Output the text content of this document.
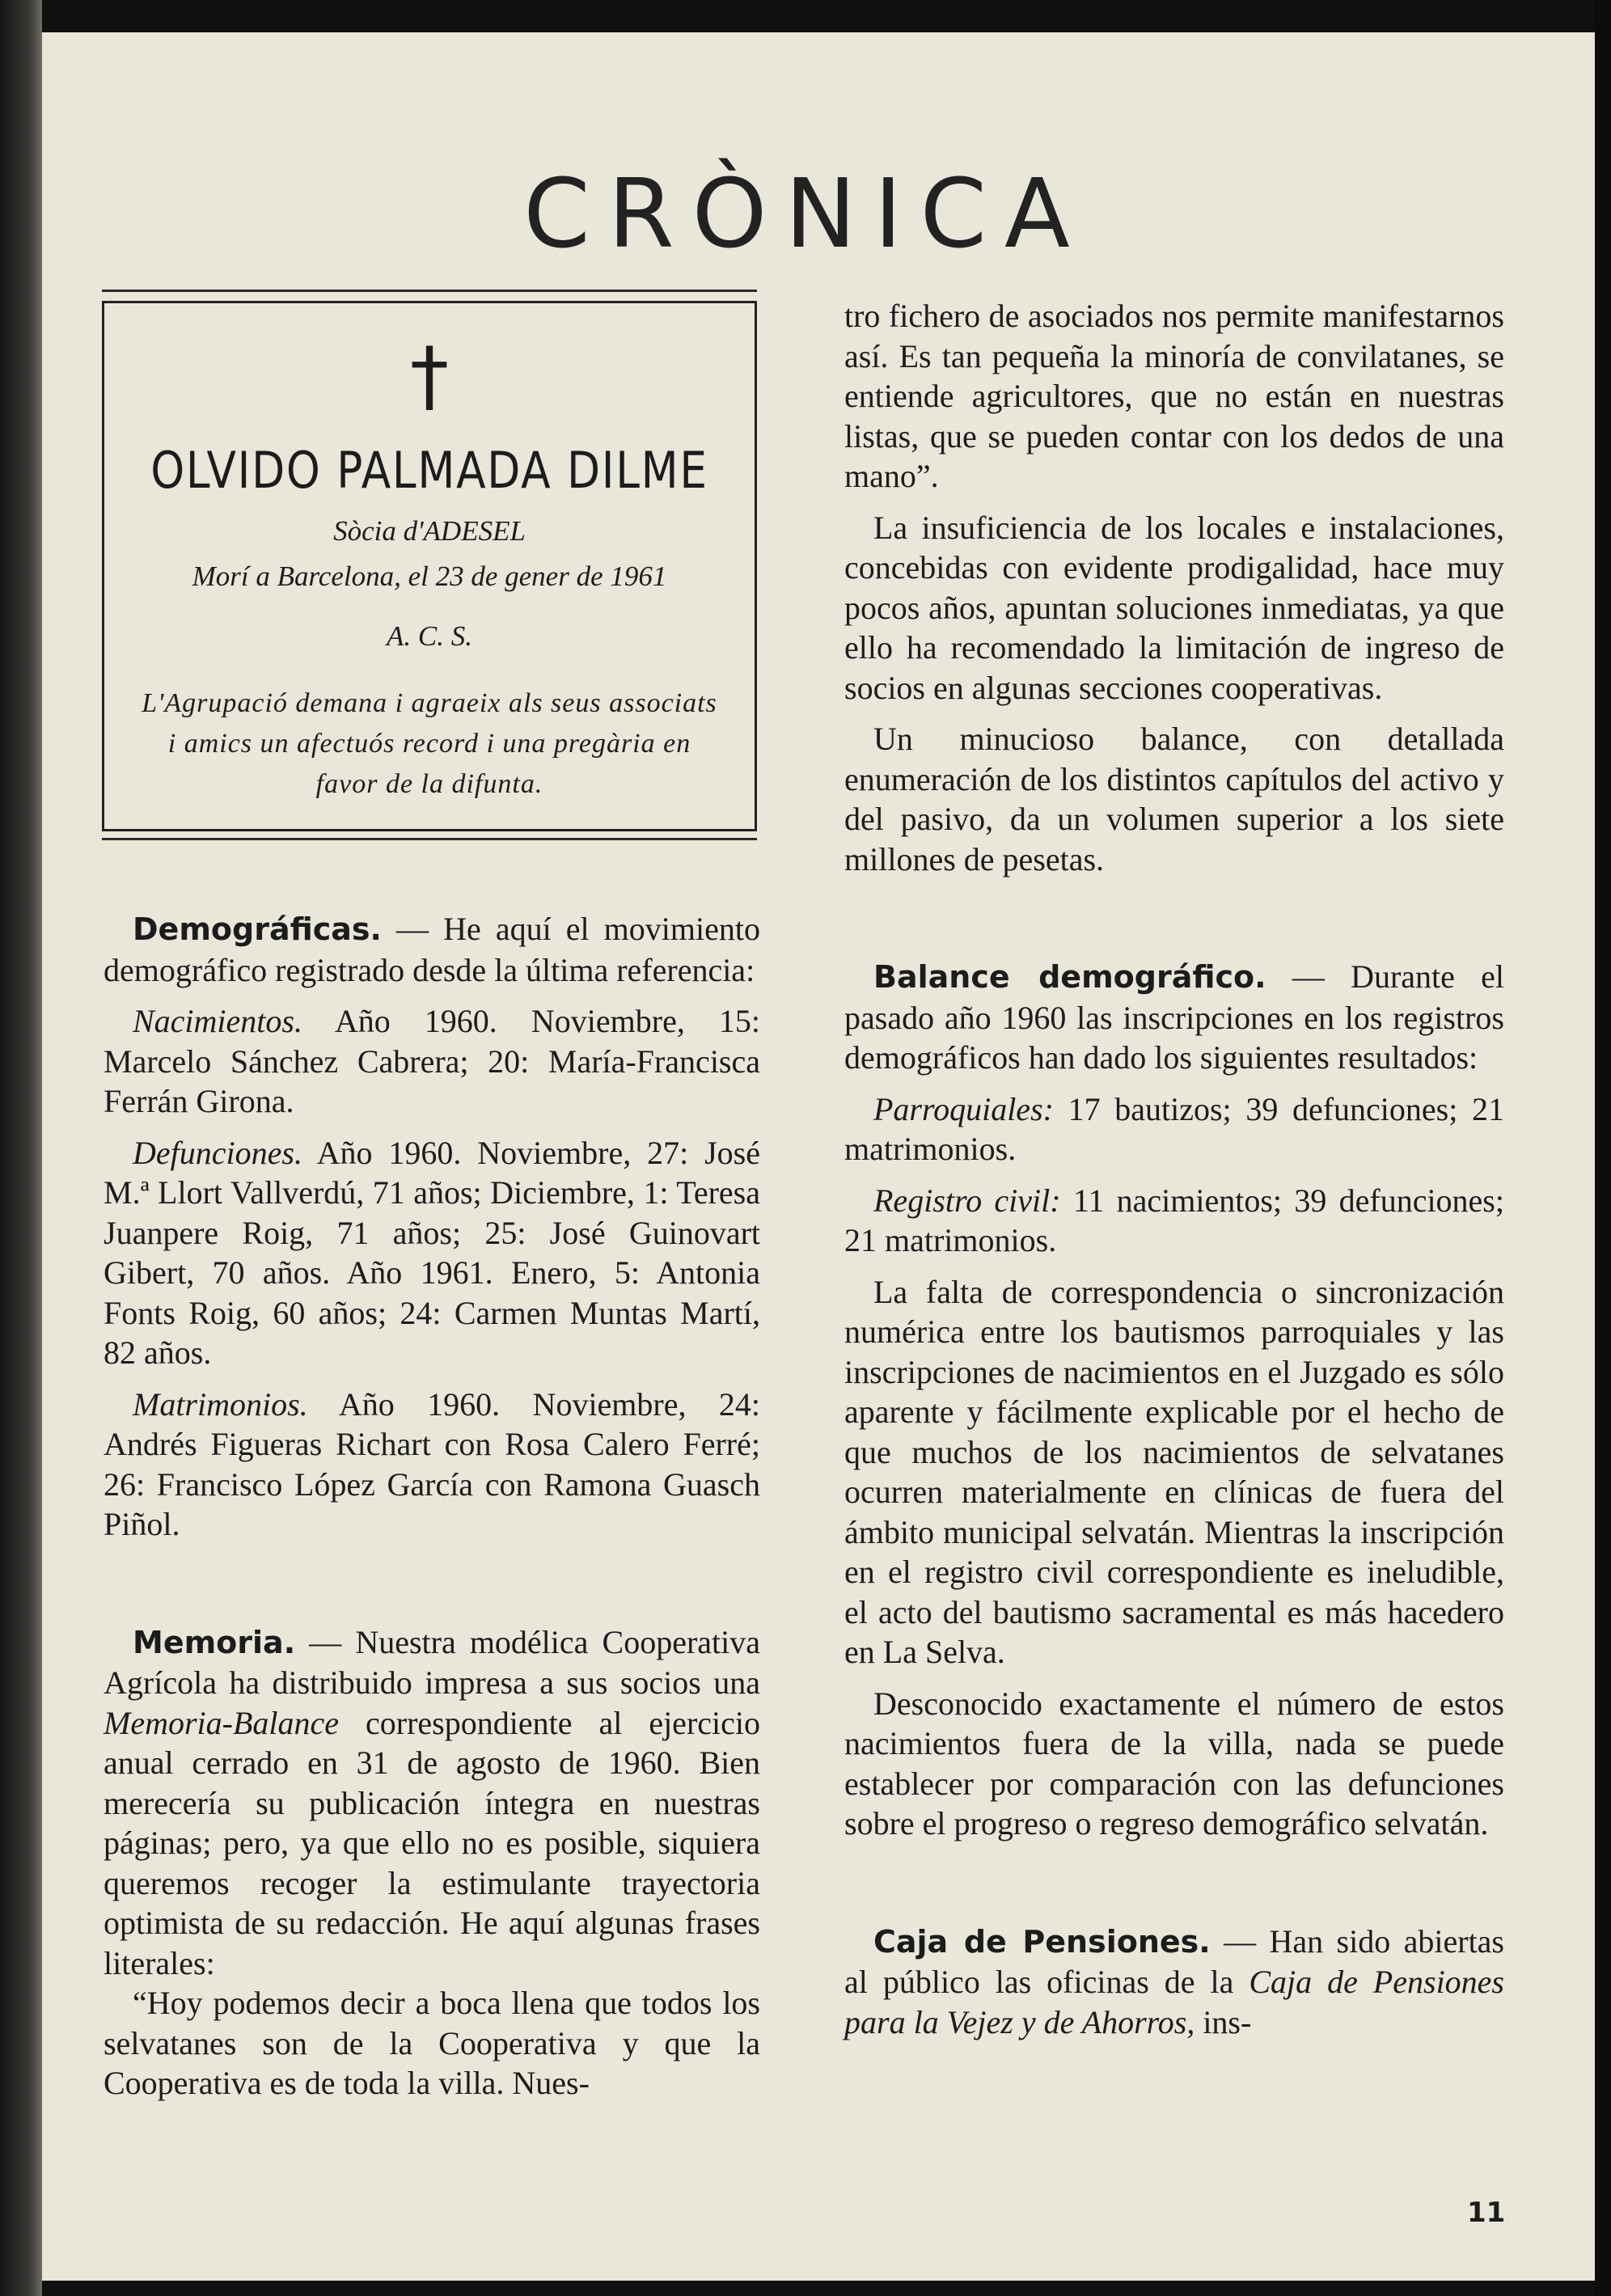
CRÒNICA
†
OLVIDO PALMADA DILME
Sòcia d'ADESEL
Morí a Barcelona, el 23 de gener de 1961
A. C. S.
L'Agrupació demana i agraeix als seus associats i amics un afectuós record i una pregària en favor de la difunta.

Demográficas. — He aquí el movimiento demográfico registrado desde la última referencia:

Nacimientos. Año 1960. Noviembre, 15: Marcelo Sánchez Cabrera; 20: María-Francisca Ferrán Girona.

Defunciones. Año 1960. Noviembre, 27: José M.ª Llort Vallverdú, 71 años; Diciembre, 1: Teresa Juanpere Roig, 71 años; 25: José Guinovart Gibert, 70 años. Año 1961. Enero, 5: Antonia Fonts Roig, 60 años; 24: Carmen Muntas Martí, 82 años.

Matrimonios. Año 1960. Noviembre, 24: Andrés Figueras Richart con Rosa Calero Ferré; 26: Francisco López García con Ramona Guasch Piñol.

Memoria. — Nuestra modélica Cooperativa Agrícola ha distribuido impresa a sus socios una Memoria-Balance correspondiente al ejercicio anual cerrado en 31 de agosto de 1960. Bien merecería su publicación íntegra en nuestras páginas; pero, ya que ello no es posible, siquiera queremos recoger la estimulante trayectoria optimista de su redacción. He aquí algunas frases literales:

“Hoy podemos decir a boca llena que todos los selvatanes son de la Cooperativa y que la Cooperativa es de toda la villa. Nues-

tro fichero de asociados nos permite manifestarnos así. Es tan pequeña la minoría de convilatanes, se entiende agricultores, que no están en nuestras listas, que se pueden contar con los dedos de una mano”.

La insuficiencia de los locales e instalaciones, concebidas con evidente prodigalidad, hace muy pocos años, apuntan soluciones inmediatas, ya que ello ha recomendado la limitación de ingreso de socios en algunas secciones cooperativas.

Un minucioso balance, con detallada enumeración de los distintos capítulos del activo y del pasivo, da un volumen superior a los siete millones de pesetas.

Balance demográfico. — Durante el pasado año 1960 las inscripciones en los registros demográficos han dado los siguientes resultados:

Parroquiales: 17 bautizos; 39 defunciones; 21 matrimonios.

Registro civil: 11 nacimientos; 39 defunciones; 21 matrimonios.

La falta de correspondencia o sincronización numérica entre los bautismos parroquiales y las inscripciones de nacimientos en el Juzgado es sólo aparente y fácilmente explicable por el hecho de que muchos de los nacimientos de selvatanes ocurren materialmente en clínicas de fuera del ámbito municipal selvatán. Mientras la inscripción en el registro civil correspondiente es ineludible, el acto del bautismo sacramental es más hacedero en La Selva.

Desconocido exactamente el número de estos nacimientos fuera de la villa, nada se puede establecer por comparación con las defunciones sobre el progreso o regreso demográfico selvatán.

Caja de Pensiones. — Han sido abiertas al público las oficinas de la Caja de Pensiones para la Vejez y de Ahorros, ins-

11
